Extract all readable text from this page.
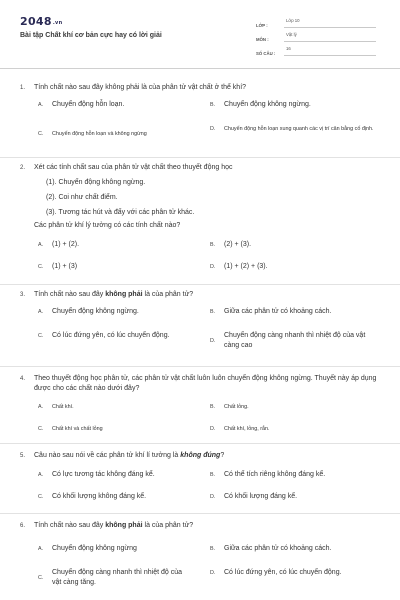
2048.vn
Bài tập Chất khí cơ bản cực hay có lời giải
LỚP :
Lớp 10
MÔN :
Vật lý
SỐ CÂU :
16
1. Tính chất nào sau đây không phải là của phân tử vật chất ở thể khí?
A.	Chuyển động hỗn loạn.	B.	Chuyển động không ngừng.
C.	Chuyển động hỗn loạn và không ngừng
D.	Chuyển động hỗn loạn xung quanh các vị trí cân bằng cố định.
2. Xét các tính chất sau của phân tử vật chất theo thuyết động học
(1). Chuyển động không ngừng.
(2). Coi như chất điểm.
(3). Tương tác hút và đẩy với các phân tử khác.
Các phân tử khí lý tưởng có các tính chất nào?
A.	(1) + (2).	B.	(2) + (3).
C.	(1) + (3)	D.	(1) + (2) + (3).
3. Tính chất nào sau đây không phải là của phân tử?
A.	Chuyển động không ngừng.	B.	Giữa các phân tử có khoảng cách.
C.	Có lúc đứng yên, có lúc chuyển động.
D.
Chuyển động càng nhanh thì nhiệt độ của vật càng cao
4. Theo thuyết động học phân tử, các phân tử vật chất luôn luôn chuyển động không ngừng. Thuyết này áp dụng được cho các chất nào dưới đây?
A.	Chất khí.	B.	Chất lỏng.
C.	Chất khí và chất lỏng	D.	Chất khí, lỏng, rắn.
5. Câu nào sau nói về các phân tử khí lí tưởng là không đúng?
A.	Có lực tương tác không đáng kể.	B.	Có thể tích riêng không đáng kể.
C.	Có khối lượng không đáng kể.	D.	Có khối lượng đáng kể.
6. Tính chất nào sau đây không phải là của phân tử?
A.	Chuyển động không ngừng	B.	Giữa các phân tử có khoảng cách.
C.
Chuyển động càng nhanh thì nhiệt độ của vật càng tăng.
D.	Có lúc đứng yên, có lúc chuyển động.
